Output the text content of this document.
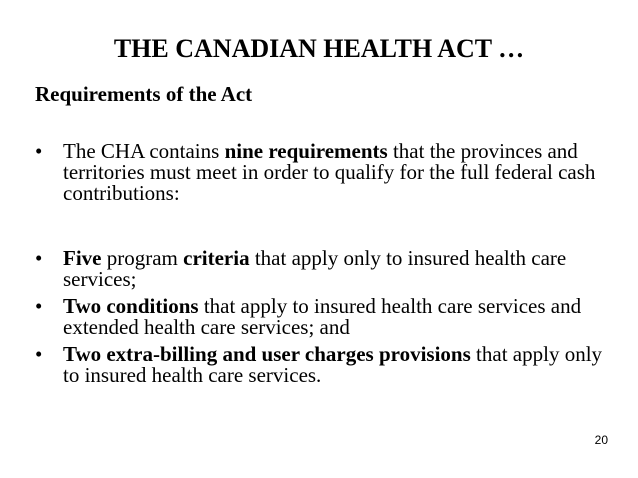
THE CANADIAN HEALTH ACT …
Requirements of the Act
• The CHA contains nine requirements that the provinces and territories must meet in order to qualify for the full federal cash contributions:
• Five program criteria that apply only to insured health care services;
• Two conditions that apply to insured health care services and extended health care services; and
• Two extra-billing and user charges provisions that apply only to insured health care services.
20
